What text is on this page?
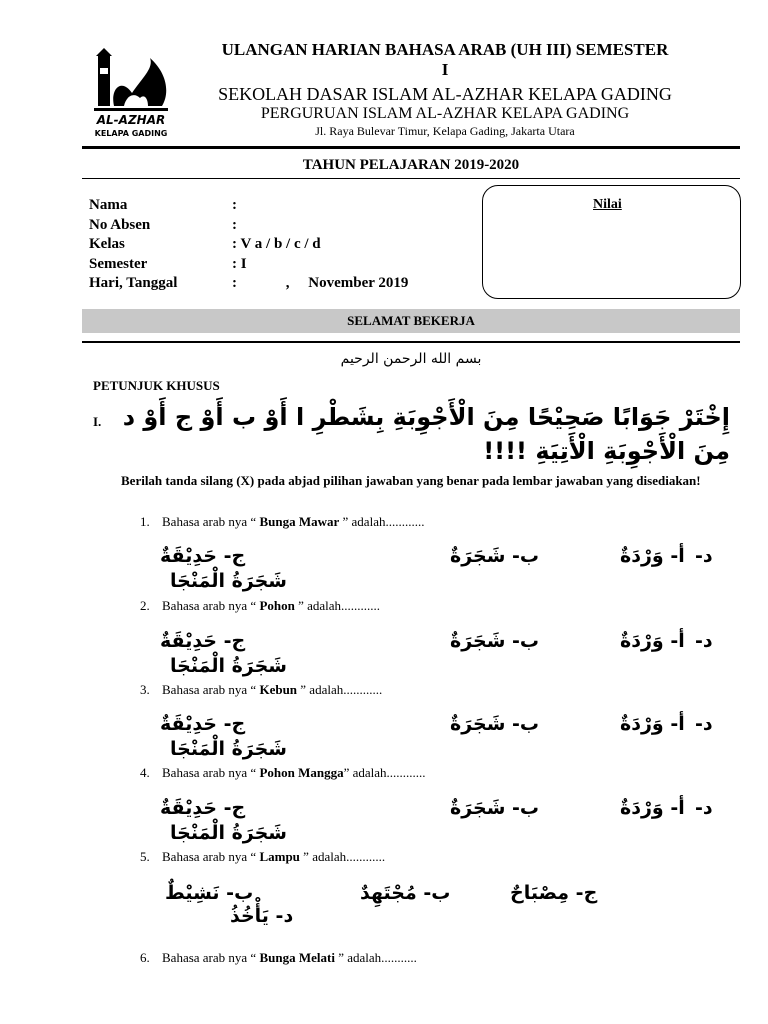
AL-AZHAR
KELAPA GADING
ULANGAN HARIAN BAHASA ARAB (UH III) SEMESTER
I
SEKOLAH DASAR ISLAM AL-AZHAR KELAPA GADING
PERGURUAN ISLAM AL-AZHAR KELAPA GADING
Jl. Raya Bulevar Timur, Kelapa Gading, Jakarta Utara
TAHUN PELAJARAN 2019-2020
Nama	:
No Absen	:
Kelas	: V a / b / c / d
Semester	: I
Hari, Tanggal	:             ,     November 2019
Nilai
SELAMAT BEKERJA
بسم الله الرحمن الرحيم
PETUNJUK KHUSUS
I. إِخْتَرْ جَوَابًا صَحِيْحًا مِنَ الْأَجْوِبَةِ بِشَطْرِ ا أَوْ ب أَوْ ج أَوْ د مِنَ الْأَجْوِبَةِ الْأَتِيَةِ !!!!
Berilah tanda silang (X) pada abjad pilihan jawaban yang benar pada lembar jawaban yang disediakan!
1. Bahasa arab nya “ Bunga Mawar ” adalah............
أ- وَرْدَةٌ
ب- شَجَرَةٌ
ج- حَدِيْقَةٌ	د-
شَجَرَةُ الْمَنْجَا
2. Bahasa arab nya “ Pohon ” adalah............
أ- وَرْدَةٌ
ب- شَجَرَةٌ
ج- حَدِيْقَةٌ	د-
شَجَرَةُ الْمَنْجَا
3. Bahasa arab nya “ Kebun ” adalah............
أ- وَرْدَةٌ
ب- شَجَرَةٌ
ج- حَدِيْقَةٌ	د-
شَجَرَةُ الْمَنْجَا
4. Bahasa arab nya “ Pohon Mangga” adalah............
أ- وَرْدَةٌ
ب- شَجَرَةٌ
ج- حَدِيْقَةٌ	د-
شَجَرَةُ الْمَنْجَا
5. Bahasa arab nya “ Lampu ” adalah............
ج- مِصْبَاحٌ
ب- مُجْتَهِدٌ
ب- نَشِيْطٌ
د- يَأْخُذُ
6. Bahasa arab nya “ Bunga Melati ” adalah...........
